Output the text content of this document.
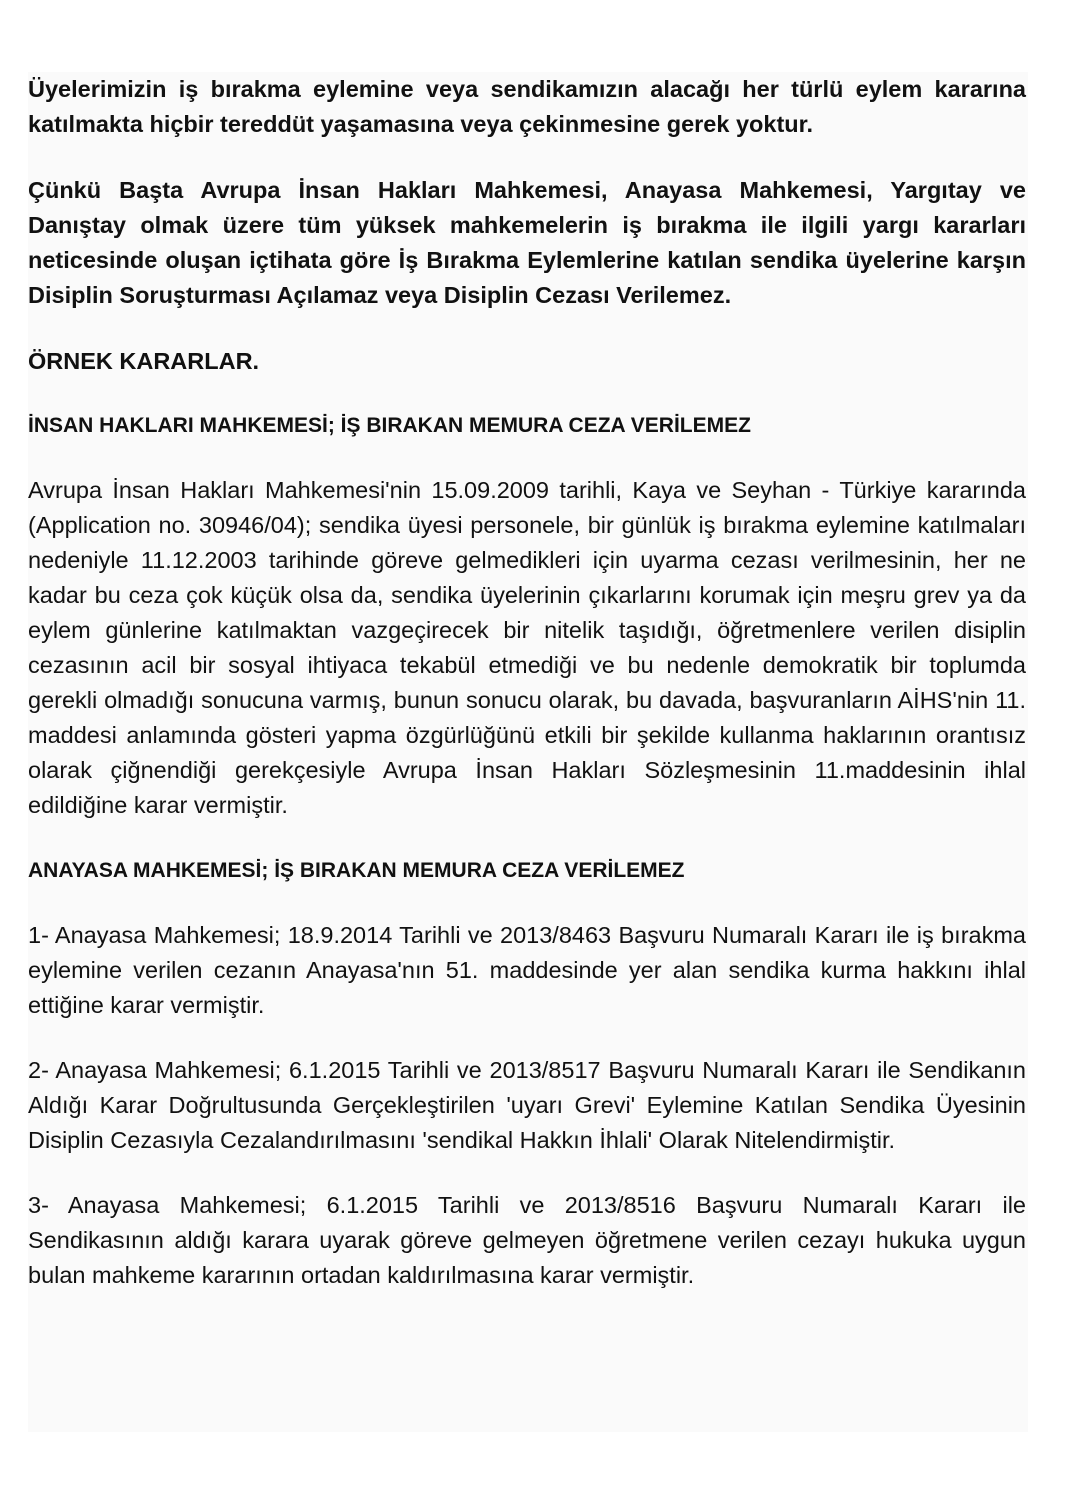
Üyelerimizin iş bırakma eylemine veya sendikamızın alacağı her türlü eylem kararına katılmakta hiçbir tereddüt yaşamasına veya çekinmesine gerek yoktur.

Çünkü Başta Avrupa İnsan Hakları Mahkemesi, Anayasa Mahkemesi, Yargıtay ve Danıştay olmak üzere tüm yüksek mahkemelerin iş bırakma ile ilgili yargı kararları neticesinde oluşan içtihata göre İş Bırakma Eylemlerine katılan sendika üyelerine karşın Disiplin Soruşturması Açılamaz veya Disiplin Cezası Verilemez.

ÖRNEK KARARLAR.
İNSAN HAKLARI MAHKEMESİ; İŞ BIRAKAN MEMURA CEZA VERİLEMEZ

Avrupa İnsan Hakları Mahkemesi'nin 15.09.2009 tarihli, Kaya ve Seyhan - Türkiye kararında (Application no. 30946/04); sendika üyesi personele, bir günlük iş bırakma eylemine katılmaları nedeniyle 11.12.2003 tarihinde göreve gelmedikleri için uyarma cezası verilmesinin, her ne kadar bu ceza çok küçük olsa da, sendika üyelerinin çıkarlarını korumak için meşru grev ya da eylem günlerine katılmaktan vazgeçirecek bir nitelik taşıdığı, öğretmenlere verilen disiplin cezasının acil bir sosyal ihtiyaca tekabül etmediği ve bu nedenle demokratik bir toplumda gerekli olmadığı sonucuna varmış, bunun sonucu olarak, bu davada, başvuranların AİHS'nin 11. maddesi anlamında gösteri yapma özgürlüğünü etkili bir şekilde kullanma haklarının orantısız olarak çiğnendiği gerekçesiyle Avrupa İnsan Hakları Sözleşmesinin 11.maddesinin ihlal edildiğine karar vermiştir.

ANAYASA MAHKEMESİ; İŞ BIRAKAN MEMURA CEZA VERİLEMEZ

1- Anayasa Mahkemesi; 18.9.2014 Tarihli ve 2013/8463 Başvuru Numaralı Kararı ile iş bırakma eylemine verilen cezanın Anayasa'nın 51. maddesinde yer alan sendika kurma hakkını ihlal ettiğine karar vermiştir.

2- Anayasa Mahkemesi; 6.1.2015 Tarihli ve 2013/8517 Başvuru Numaralı Kararı ile Sendikanın Aldığı Karar Doğrultusunda Gerçekleştirilen 'uyarı Grevi' Eylemine Katılan Sendika Üyesinin Disiplin Cezasıyla Cezalandırılmasını 'sendikal Hakkın İhlali' Olarak Nitelendirmiştir.

3- Anayasa Mahkemesi; 6.1.2015 Tarihli ve 2013/8516 Başvuru Numaralı Kararı ile Sendikasının aldığı karara uyarak göreve gelmeyen öğretmene verilen cezayı hukuka uygun bulan mahkeme kararının ortadan kaldırılmasına karar vermiştir.
